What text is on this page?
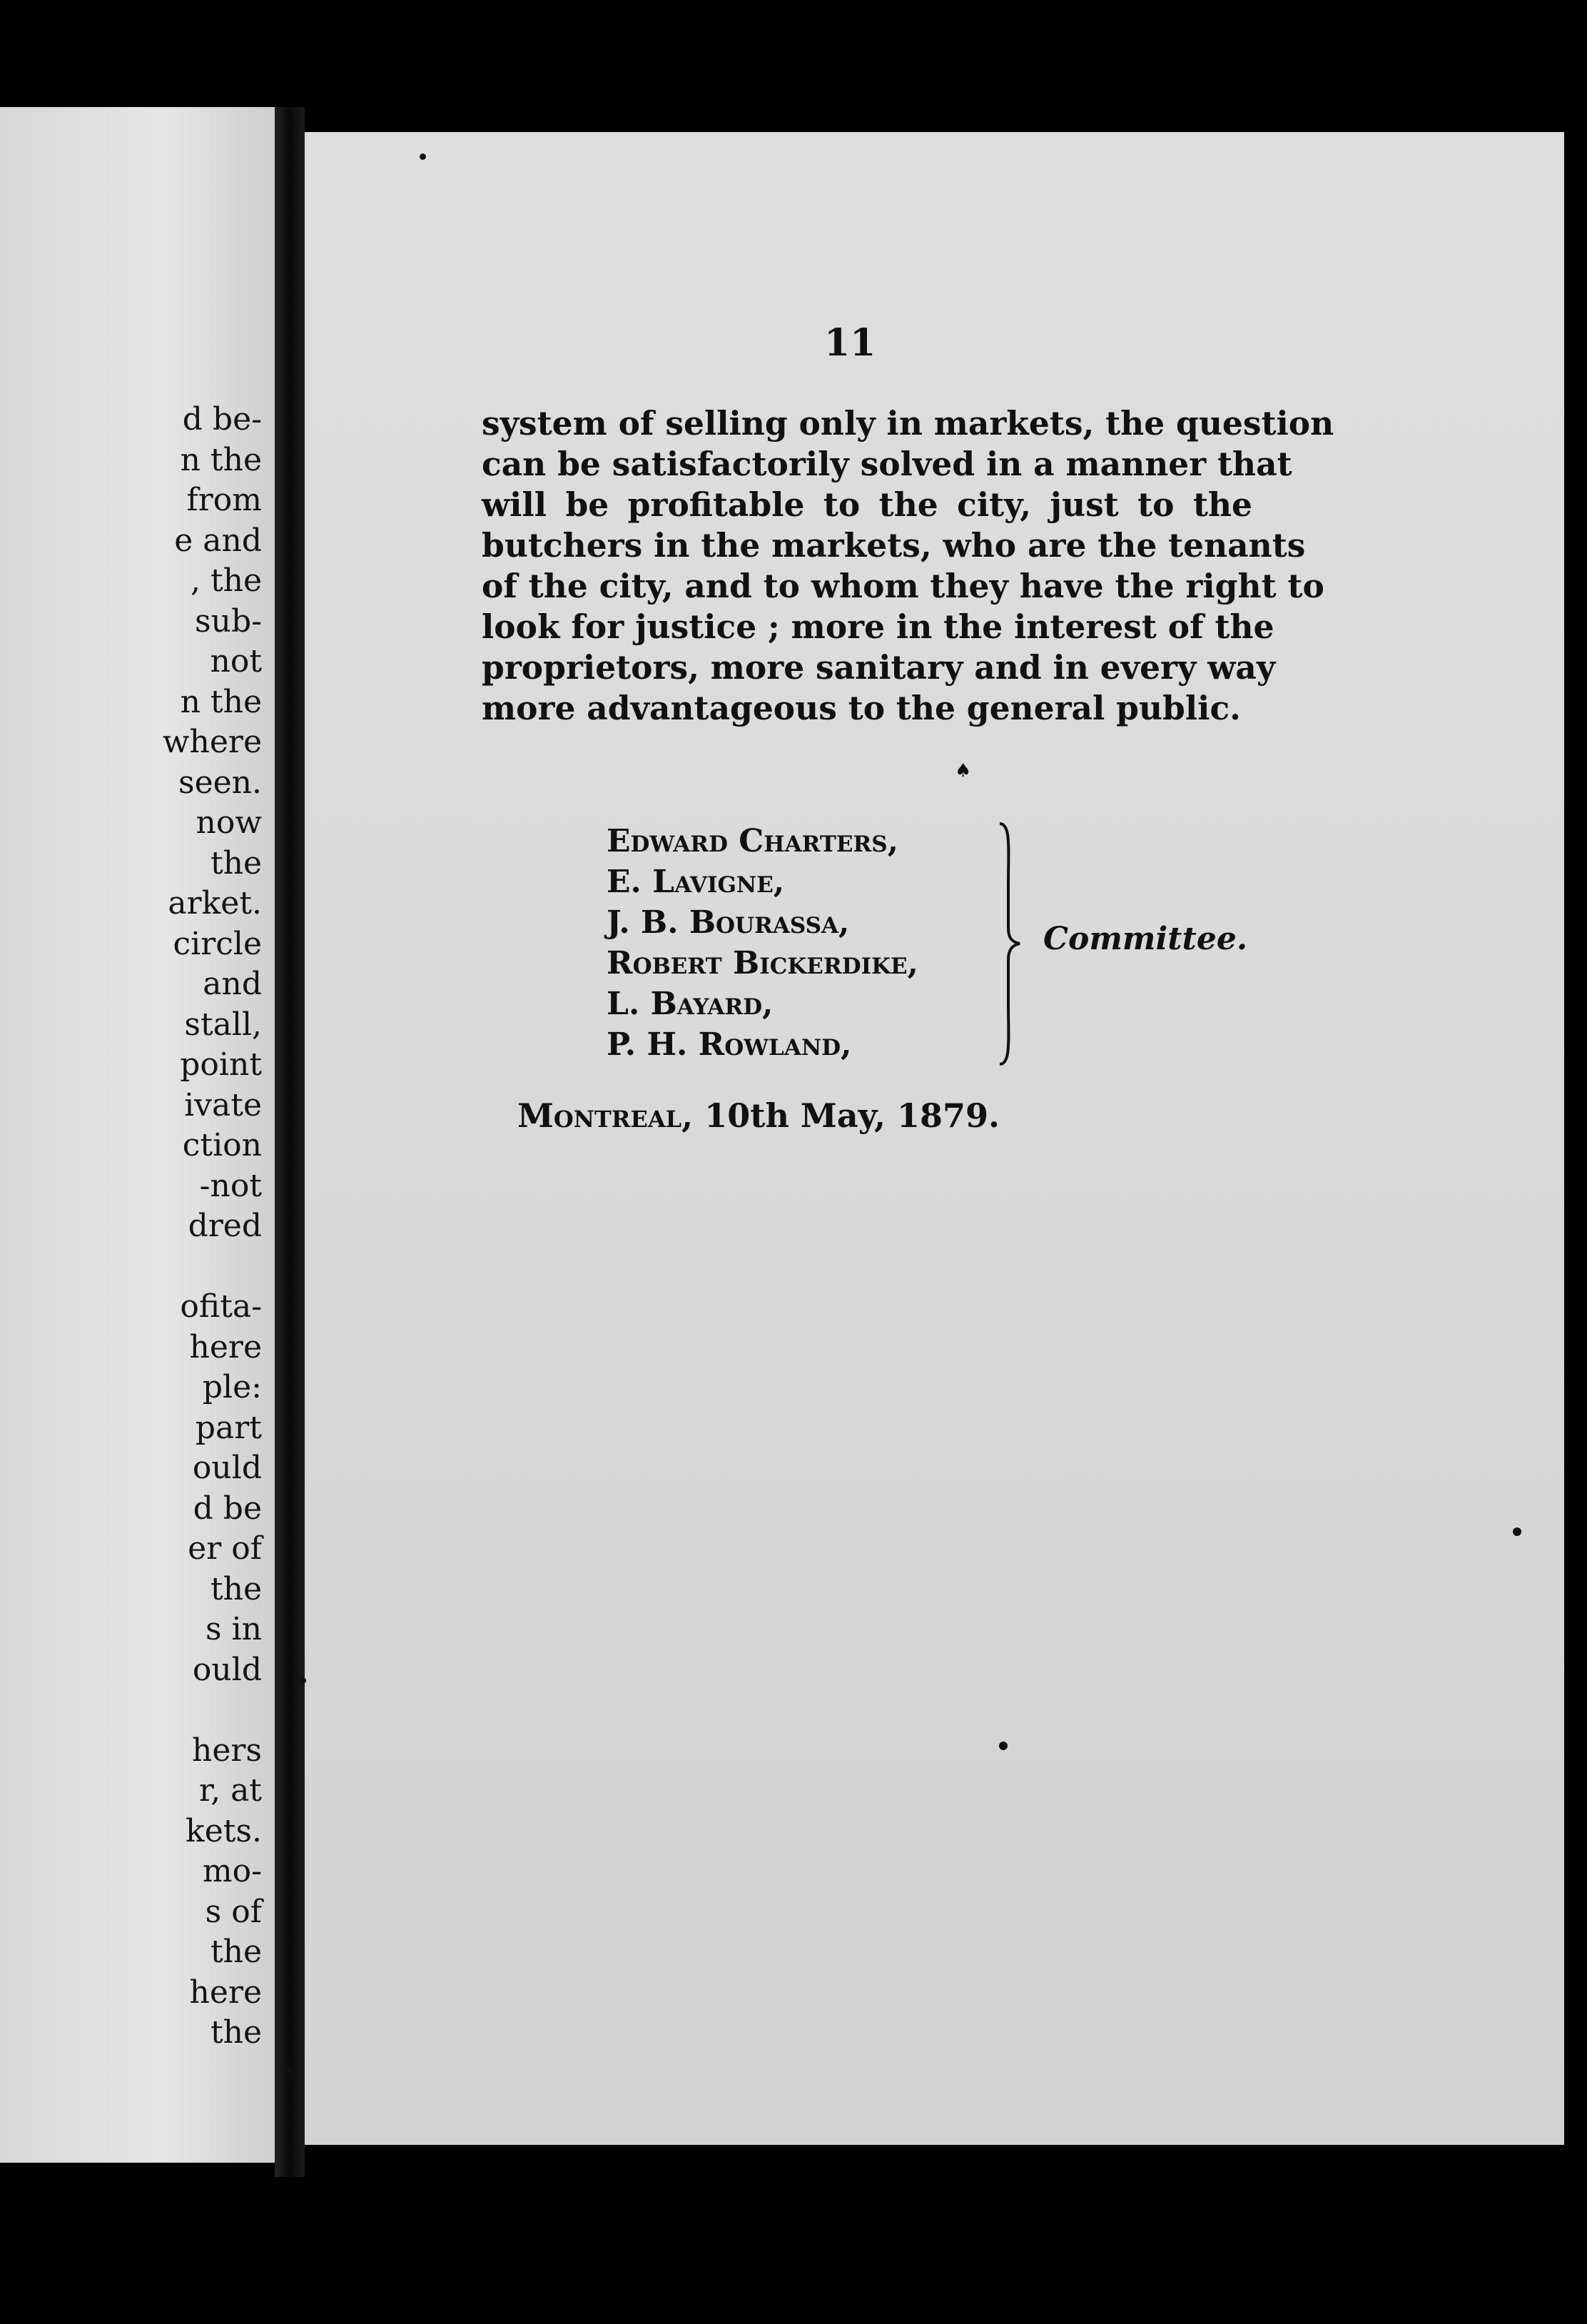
d be-
n the
from
e and
, the
sub-
not
n the
where
seen.
now
the
arket.
circle
and
stall,
point
ivate
ction
-not
dred

ofita-
here
ple:
part
ould
d be
er of
the
s in
ould

hers
r, at
kets.
mo-
s of
the
here
the
11
system of selling only in markets, the question
can be satisfactorily solved in a manner that
will be profitable to the city, just to the
butchers in the markets, who are the tenants
of the city, and to whom they have the right to
look for justice ; more in the interest of the
proprietors, more sanitary and in every way
more advantageous to the general public.
♠
Edward Charters,
E. Lavigne,
J. B. Bourassa,
Robert Bickerdike,
L. Bayard,
P. H. Rowland,
Committee.
Montreal, 10th May, 1879.
